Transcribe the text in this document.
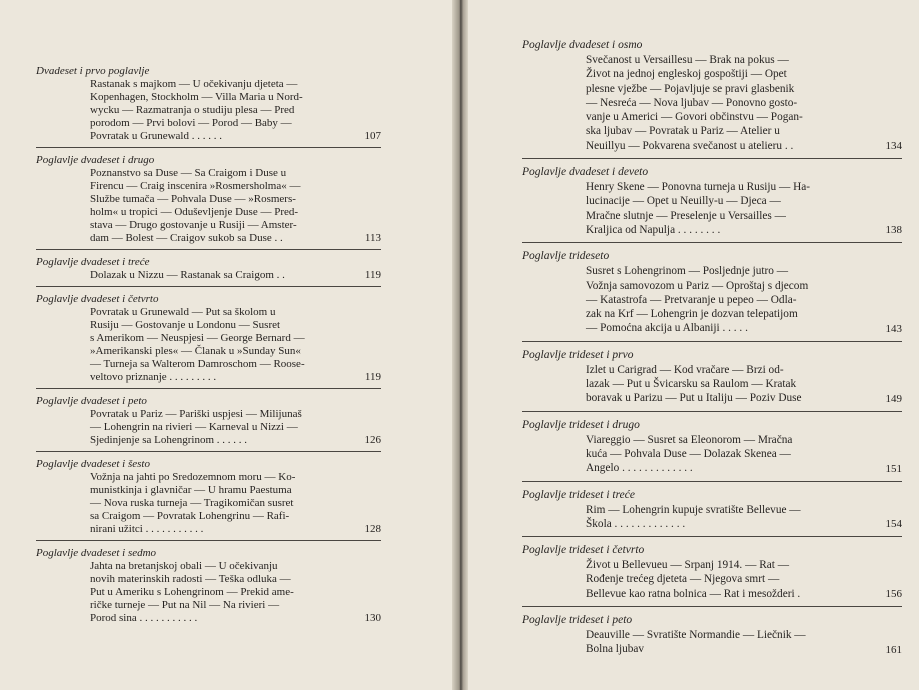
Dvadeset i prvo poglavlje
Rastanak s majkom — U očekivanju djeteta —
Kopenhagen, Stockholm — Villa Maria u Nord-
wycku — Razmatranja o studiju plesa — Pred
porodom — Prvi bolovi — Porod — Baby —
Povratak u Grunewald . . . . . .	107
Poglavlje dvadeset i drugo
Poznanstvo sa Duse — Sa Craigom i Duse u
Firencu — Craig inscenira »Rosmersholma« —
Službe tumača — Pohvala Duse — »Rosmers-
holm« u tropici — Oduševljenje Duse — Pred-
stava — Drugo gostovanje u Rusiji — Amster-
dam — Bolest — Craigov sukob sa Duse . .	113
Poglavlje dvadeset i treće
Dolazak u Nizzu — Rastanak sa Craigom . .	119
Poglavlje dvadeset i četvrto
Povratak u Grunewald — Put sa školom u
Rusiju — Gostovanje u Londonu — Susret
s Amerikom — Neuspjesi — George Bernard —
»Amerikanski ples« — Članak u »Sunday Sun«
— Turneja sa Walterom Damroschom — Roose-
veltovo priznanje . . . . . . . . .	119
Poglavlje dvadeset i peto
Povratak u Pariz — Pariški uspjesi — Milijunaš
— Lohengrin na rivieri — Karneval u Nizzi —
Sjedinjenje sa Lohengrinom . . . . . .	126
Poglavlje dvadeset i šesto
Vožnja na jahti po Sredozemnom moru — Ko-
munistkinja i glavničar — U hramu Paestuma
— Nova ruska turneja — Tragikomičan susret
sa Craigom — Povratak Lohengrinu — Rafi-
nirani užitci . . . . . . . . . . .	128
Poglavlje dvadeset i sedmo
Jahta na bretanjskoj obali — U očekivanju
novih materinskih radosti — Teška odluka —
Put u Ameriku s Lohengrinom — Prekid ame-
ričke turneje — Put na Nil — Na rivieri —
Porod sina . . . . . . . . . . .	130
Poglavlje dvadeset i osmo
Svečanost u Versaillesu — Brak na pokus —
Život na jednoj engleskoj gospoštiji — Opet
plesne vježbe — Pojavljuje se pravi glasbenik
— Nesreća — Nova ljubav — Ponovno gosto-
vanje u Americi — Govori občinstvu — Pogan-
ska ljubav — Povratak u Pariz — Atelier u
Neuillyu — Pokvarena svečanost u atelieru . .	134
Poglavlje dvadeset i deveto
Henry Skene — Ponovna turneja u Rusiju — Ha-
lucinacije — Opet u Neuilly-u — Djeca —
Mračne slutnje — Preselenje u Versailles —
Kraljica od Napulja . . . . . . . .	138
Poglavlje trideseto
Susret s Lohengrinom — Posljednje jutro —
Vožnja samovozom u Pariz — Oproštaj s djecom
— Katastrofa — Pretvaranje u pepeo — Odla-
zak na Krf — Lohengrin je dozvan telepatijom
— Pomoćna akcija u Albaniji . . . . .	143
Poglavlje trideset i prvo
Izlet u Carigrad — Kod vračare — Brzi od-
lazak — Put u Švicarsku sa Raulom — Kratak
boravak u Parizu — Put u Italiju — Poziv Duse	149
Poglavlje trideset i drugo
Viareggio — Susret sa Eleonorom — Mračna
kuća — Pohvala Duse — Dolazak Skenea —
Angelo . . . . . . . . . . . . .	151
Poglavlje trideset i treće
Rim — Lohengrin kupuje svratište Bellevue —
Škola . . . . . . . . . . . . .	154
Poglavlje trideset i četvrto
Život u Bellevueu — Srpanj 1914. — Rat —
Rođenje trećeg djeteta — Njegova smrt —
Bellevue kao ratna bolnica — Rat i mesožderi .	156
Poglavlje trideset i peto
Deauville — Svratište Normandie — Liečnik —
Bolna ljubav	161
